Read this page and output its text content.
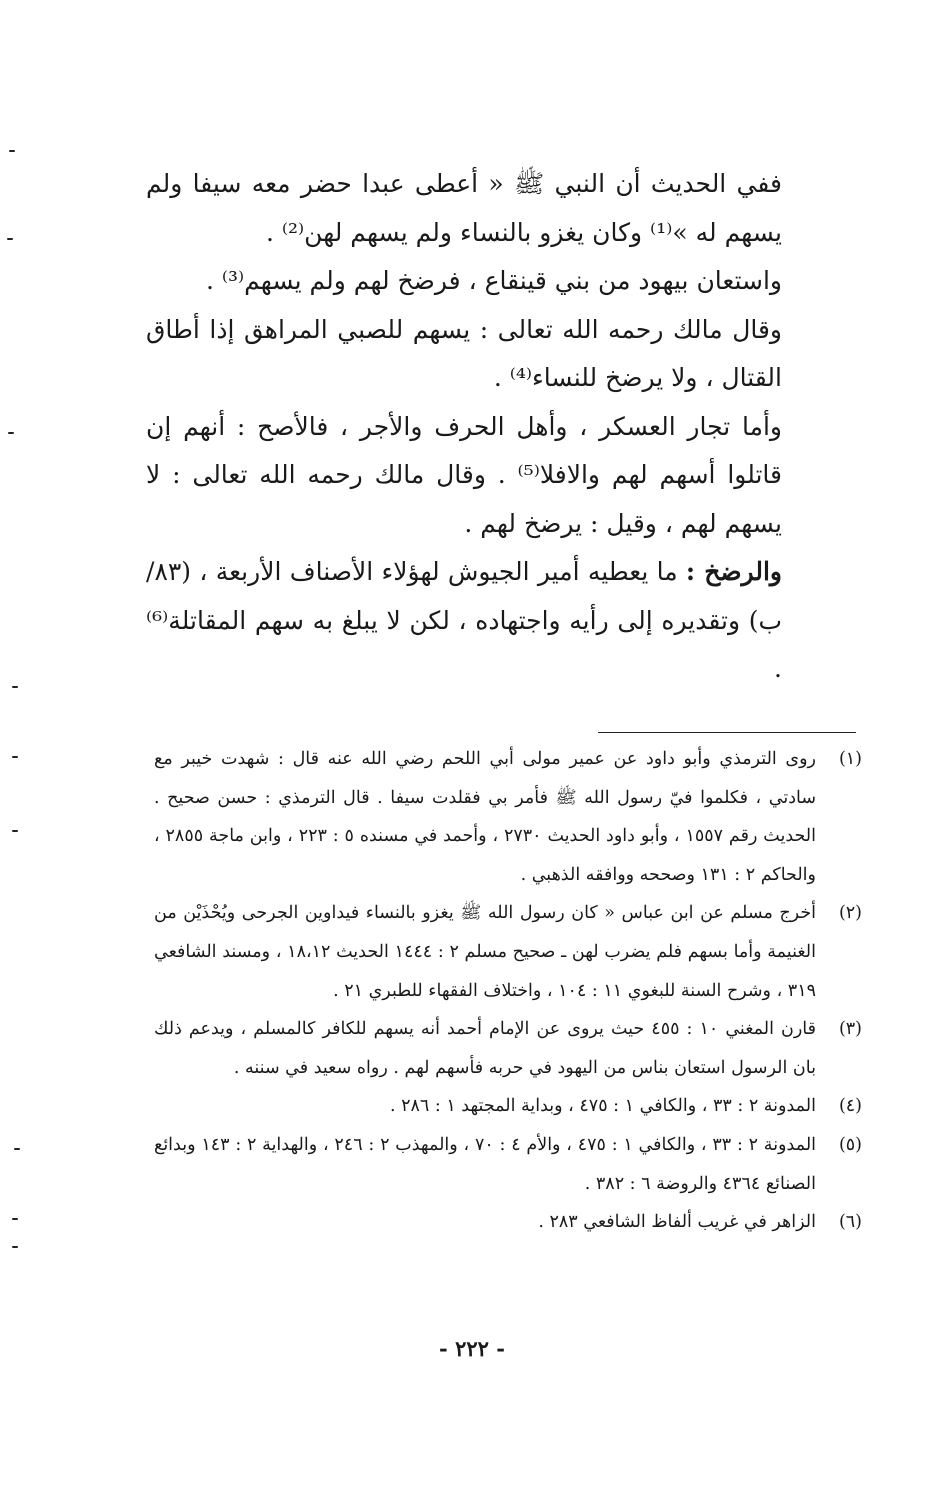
ففي الحديث أن النبي ﷺ « أعطى عبدا حضر معه سيفا ولم يسهم له »⁽¹⁾ وكان يغزو بالنساء ولم يسهم لهن⁽²⁾ .

واستعان بيهود من بني قينقاع ، فرضخ لهم ولم يسهم⁽³⁾ .

وقال مالك رحمه الله تعالى : يسهم للصبي المراهق إذا أطاق القتال ، ولا يرضخ للنساء⁽⁴⁾ .

وأما تجار العسكر ، وأهل الحرف والأجر ، فالأصح : أنهم إن قاتلوا أسهم لهم والافلا⁽⁵⁾ . وقال مالك رحمه الله تعالى : لا يسهم لهم ، وقيل : يرضخ لهم .

والرضخ : ما يعطيه أمير الجيوش لهؤلاء الأصناف الأربعة ، (٨٣/ب) وتقديره إلى رأيه واجتهاده ، لكن لا يبلغ به سهم المقاتلة⁽⁶⁾ .

(١)
روى الترمذي وأبو داود عن عمير مولى أبي اللحم رضي الله عنه قال : شهدت خيبر مع سادتي ، فكلموا فيّ رسول الله ﷺ فأمر بي فقلدت سيفا . قال الترمذي : حسن صحيح . الحديث رقم ١٥٥٧ ، وأبو داود الحديث ٢٧٣٠ ، وأحمد في مسنده ٥ : ٢٢٣ ، وابن ماجة ٢٨٥٥ ، والحاكم ٢ : ١٣١ وصححه ووافقه الذهبي .
(٢)
أخرج مسلم عن ابن عباس « كان رسول الله ﷺ يغزو بالنساء فيداوين الجرحى ويُحْذَيْن من الغنيمة وأما بسهم فلم يضرب لهن ـ صحيح مسلم ٢ : ١٤٤٤ الحديث ١٨،١٢ ، ومسند الشافعي ٣١٩ ، وشرح السنة للبغوي ١١ : ١٠٤ ، واختلاف الفقهاء للطبري ٢١ .
(٣)
قارن المغني ١٠ : ٤٥٥ حيث يروى عن الإمام أحمد أنه يسهم للكافر كالمسلم ، ويدعم ذلك بان الرسول استعان بناس من اليهود في حربه فأسهم لهم . رواه سعيد في سننه .
(٤)
المدونة ٢ : ٣٣ ، والكافي ١ : ٤٧٥ ، وبداية المجتهد ١ : ٢٨٦ .
(٥)
المدونة ٢ : ٣٣ ، والكافي ١ : ٤٧٥ ، والأم ٤ : ٧٠ ، والمهذب ٢ : ٢٤٦ ، والهداية ٢ : ١٤٣ وبدائع الصنائع ٤٣٦٤ والروضة ٦ : ٣٨٢ .
(٦)
الزاهر في غريب ألفاظ الشافعي ٢٨٣ .
- ٢٢٢ -
